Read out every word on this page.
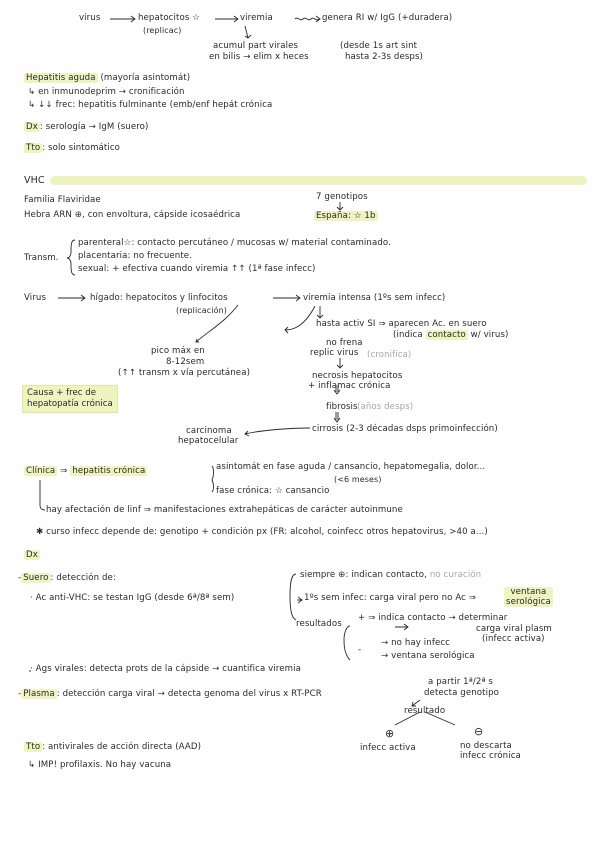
virus	hepatocitos ☆
(replicac)
viremia	genera RI w/ IgG (+duradera)
acumul part virales
en bilis → elim x heces
(desde 1s art sint
hasta 2-3s desps)
Hepatitis aguda (mayoría asintomát)
↳ en inmunodeprim → cronificación
↳ ↓↓ frec: hepatitis fulminante (emb/enf hepát crónica
Dx : serología → IgM (suero)
Tto : solo sintomático
VHC
Familia Flaviridae
Hebra ARN ⊕, con envoltura, cápside icosaédrica
7 genotipos
España: ☆ 1b
Transm.
parenteral☆: contacto percutáneo / mucosas w/ material contaminado.
placentaria: no frecuente.
sexual: + efectiva cuando viremia ↑↑ (1ª fase infecc)
Virus	hígado: hepatocitos y linfocitos
(replicación)
viremia intensa (1ºs sem infecc)
hasta activ SI ⇒ aparecen Ac. en suero
(indica contacto w/ virus)
no frena
replic virus (cronifica)
necrosis hepatocitos
+ inflamac crónica
fibrosis (años desps)
cirrosis (2-3 décadas dsps primoinfección)
pico máx en
8-12sem
(↑↑ transm x vía percutánea)
Causa + frec de
hepatopatía crónica
carcinoma
hepatocelular
Clínica ⇒ hepatitis crónica	asintomát en fase aguda / cansancio, hepatomegalia, dolor...
(<6 meses)
fase crónica: ☆ cansancio
hay afectación de linf ⇒ manifestaciones extrahepáticas de carácter autoinmune
✱ curso infecc depende de: genotipo + condición px (FR: alcohol, coinfecc otros hepatovirus, >40 a...)
Dx
- Suero : detección de:
· Ac anti-VHC: se testan IgG (desde 6ª/8ª sem)
siempre ⊕: indican contacto, no curación
1ºs sem infec: carga viral pero no Ac ⇒
ventana
serológica
resultados
+ ⇒ indica contacto → determinar
carga viral plasm
(infecc activa)
-
→ no hay infecc
→ ventana serológica
· Ags virales: detecta prots de la cápside → cuantifica viremia
- Plasma : detección carga viral → detecta genoma del virus x RT-PCR
a partir 1ª/2ª s
detecta genotipo
resultado
⊕	⊖
infecc activa	no descarta
infecc crónica
Tto : antivirales de acción directa (AAD)
↳ IMP! profilaxis. No hay vacuna
